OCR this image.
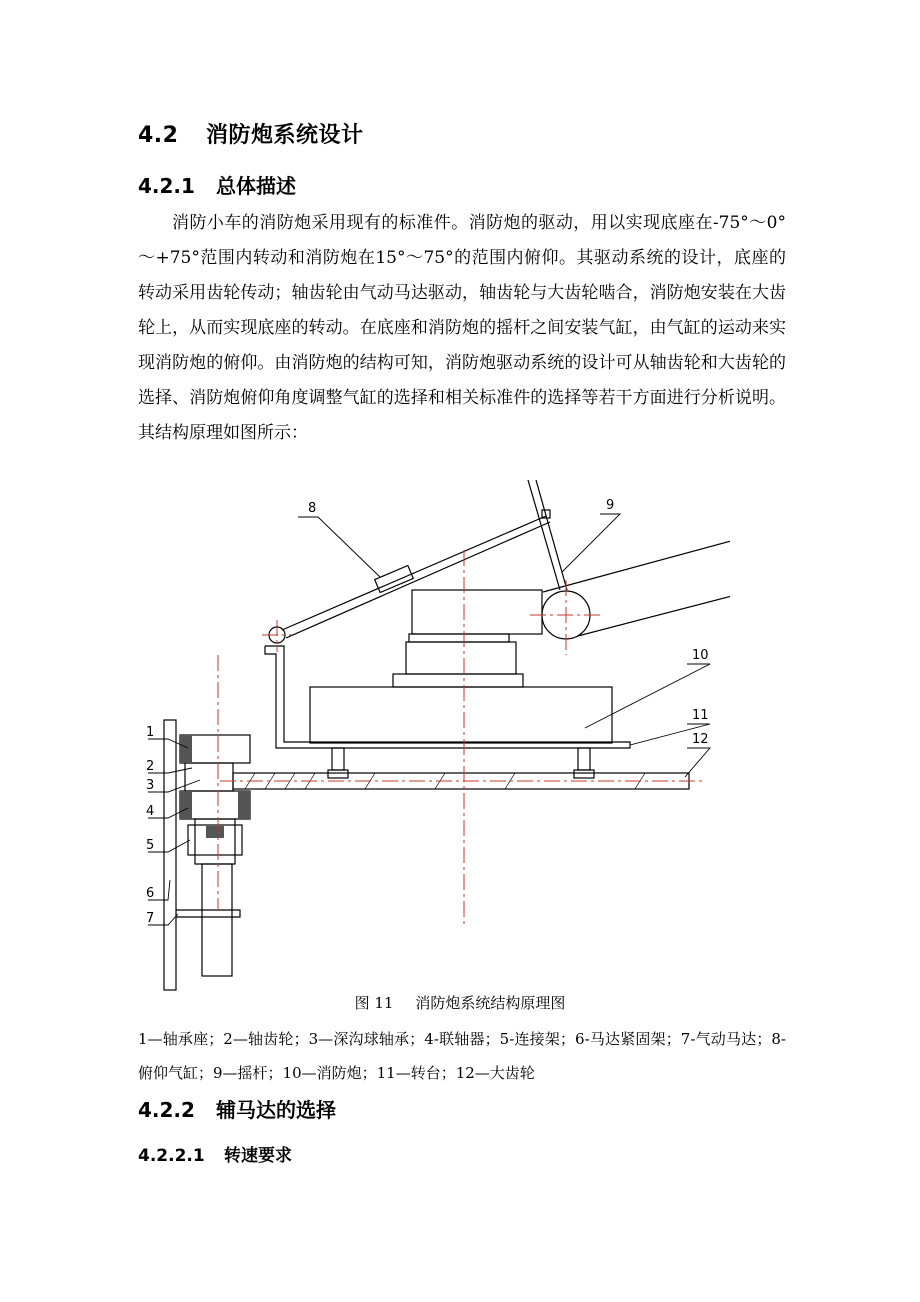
4.2 消防炮系统设计
4.2.1 总体描述

消防小车的消防炮采用现有的标准件。消防炮的驱动，用以实现底座在-75°～0°～+75°范围内转动和消防炮在15°～75°的范围内俯仰。其驱动系统的设计，底座的转动采用齿轮传动；轴齿轮由气动马达驱动，轴齿轮与大齿轮啮合，消防炮安装在大齿轮上，从而实现底座的转动。在底座和消防炮的摇杆之间安装气缸，由气缸的运动来实现消防炮的俯仰。由消防炮的结构可知，消防炮驱动系统的设计可从轴齿轮和大齿轮的选择、消防炮俯仰角度调整气缸的选择和相关标准件的选择等若干方面进行分析说明。其结构原理如图所示：

8	9
10
11
12
1
2
3
4
5
6
7
图 11 消防炮系统结构原理图

1—轴承座；2—轴齿轮；3—深沟球轴承；4-联轴器；5-连接架；6-马达紧固架；7-气动马达；8-俯仰气缸；9—摇杆；10—消防炮；11—转台；12—大齿轮

4.2.2 辅马达的选择
4.2.2.1 转速要求
